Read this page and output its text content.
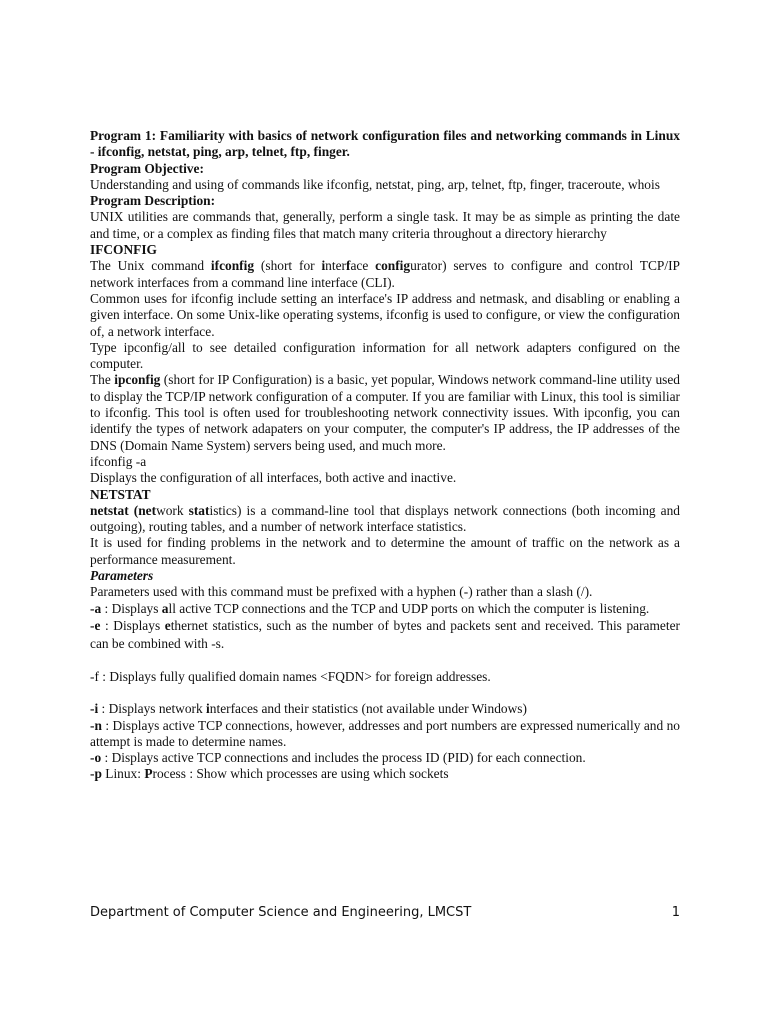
Program 1: Familiarity with basics of network configuration files and networking commands in Linux - ifconfig, netstat, ping, arp, telnet, ftp, finger.

Program Objective:

Understanding and using of commands like ifconfig, netstat, ping, arp, telnet, ftp, finger, traceroute, whois

Program Description:

UNIX utilities are commands that, generally, perform a single task. It may be as simple as printing the date and time, or a complex as finding files that match many criteria throughout a directory hierarchy

IFCONFIG

The Unix command ifconfig (short for interface configurator) serves to configure and control TCP/IP network interfaces from a command line interface (CLI).

Common uses for ifconfig include setting an interface's IP address and netmask, and disabling or enabling a given interface. On some Unix-like operating systems, ifconfig is used to configure, or view the configuration of, a network interface.

Type ipconfig/all to see detailed configuration information for all network adapters configured on the computer.

The ipconfig (short for IP Configuration) is a basic, yet popular, Windows network command-line utility used to display the TCP/IP network configuration of a computer. If you are familiar with Linux, this tool is similiar to ifconfig. This tool is often used for troubleshooting network connectivity issues. With ipconfig, you can identify the types of network adapaters on your computer, the computer's IP address, the IP addresses of the DNS (Domain Name System) servers being used, and much more.

ifconfig -a

Displays the configuration of all interfaces, both active and inactive.

NETSTAT

netstat (network statistics) is a command-line tool that displays network connections (both incoming and outgoing), routing tables, and a number of network interface statistics.

It is used for finding problems in the network and to determine the amount of traffic on the network as a performance measurement.

Parameters

Parameters used with this command must be prefixed with a hyphen (-) rather than a slash (/).

-a : Displays all active TCP connections and the TCP and UDP ports on which the computer is listening.

-e : Displays ethernet statistics, such as the number of bytes and packets sent and received. This parameter can be combined with -s.

-f : Displays fully qualified domain names <FQDN> for foreign addresses.

-i : Displays network interfaces and their statistics (not available under Windows)

-n : Displays active TCP connections, however, addresses and port numbers are expressed numerically and no attempt is made to determine names.

-o : Displays active TCP connections and includes the process ID (PID) for each connection.

-p Linux: Process : Show which processes are using which sockets

Department of Computer Science and Engineering, LMCST	1
